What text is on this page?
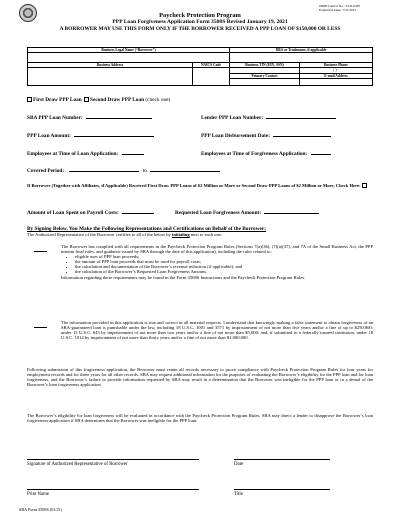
OMB Control No.: 3245-0407
Expiration Date: 7/31/2021
Paycheck Protection Program
PPP Loan Forgiveness Application Form 3508S Revised January 19, 2021
A BORROWER MAY USE THIS FORM ONLY IF THE BORROWER RECEIVED A PPP LOAN OF $150,000 OR LESS
Business Legal Name (“Borrower”)		DBA or Tradename, if applicable	

Business Address	NAICS Code	Business TIN (EIN, SSN)	Business Phone
			( ) -
		Primary Contact	E-mail Address

First Draw PPP Loan Second Draw PPP Loan (check one)
SBA PPP Loan Number:	Lender PPP Loan Number:
PPP Loan Amount:	PPP Loan Disbursement Date:
Employees at Time of Loan Application:	Employees at Time of Forgiveness Application:
Covered Period:	to
If Borrower (Together with Affiliates, if Applicable) Received First Draw PPP Loans of $2 Million or More or Second Draw PPP Loans of $2 Million or More, Check Here:
Amount of Loan Spent on Payroll Costs:	Requested Loan Forgiveness Amount:
By Signing Below, You Make the Following Representations and Certifications on Behalf of the Borrower:
The Authorized Representative of the Borrower certifies to all of the below by initialing next to each one:
The Borrower has complied with all requirements in the Paycheck Protection Program Rules (Sections 7(a)(36), (7)(a)(37), and 7A of the Small Business Act, the PPP interim final rules, and guidance issued by SBA through the date of this application), including the rules related to:
• eligible uses of PPP loan proceeds;
• the amount of PPP loan proceeds that must be used for payroll costs;
• the calculation and documentation of the Borrower’s revenue reduction (if applicable); and
• the calculation of the Borrower’s Requested Loan Forgiveness Amount.
Information regarding these requirements may be found in the Form 3508S Instructions and the Paycheck Protection Program Rules.
The information provided in this application is true and correct in all material respects. I understand that knowingly making a false statement to obtain forgiveness of an SBA-guaranteed loan is punishable under the law, including 18 U.S.C. 1001 and 3571 by imprisonment of not more than five years and/or a fine of up to $250,000; under 15 U.S.C. 645 by imprisonment of not more than two years and/or a fine of not more than $5,000; and, if submitted to a federally insured institution, under 18 U.S.C. 1014 by imprisonment of not more than thirty years and/or a fine of not more than $1,000,000.
Following submission of this forgiveness application, the Borrower must retain all records necessary to prove compliance with Paycheck Protection Program Rules for four years for employment records and for three years for all other records. SBA may request additional information for the purposes of evaluating the Borrower’s eligibility for the PPP loan and for loan forgiveness, and the Borrower’s failure to provide information requested by SBA may result in a determination that the Borrower was ineligible for the PPP loan or in a denial of the Borrower’s loan forgiveness application.
The Borrower’s eligibility for loan forgiveness will be evaluated in accordance with the Paycheck Protection Program Rules. SBA may direct a lender to disapprove the Borrower’s loan forgiveness application if SBA determines that the Borrower was ineligible for the PPP loan.
Signature of Authorized Representative of Borrower	Date
Print Name	Title
SBA Form 3508S (01/21)
